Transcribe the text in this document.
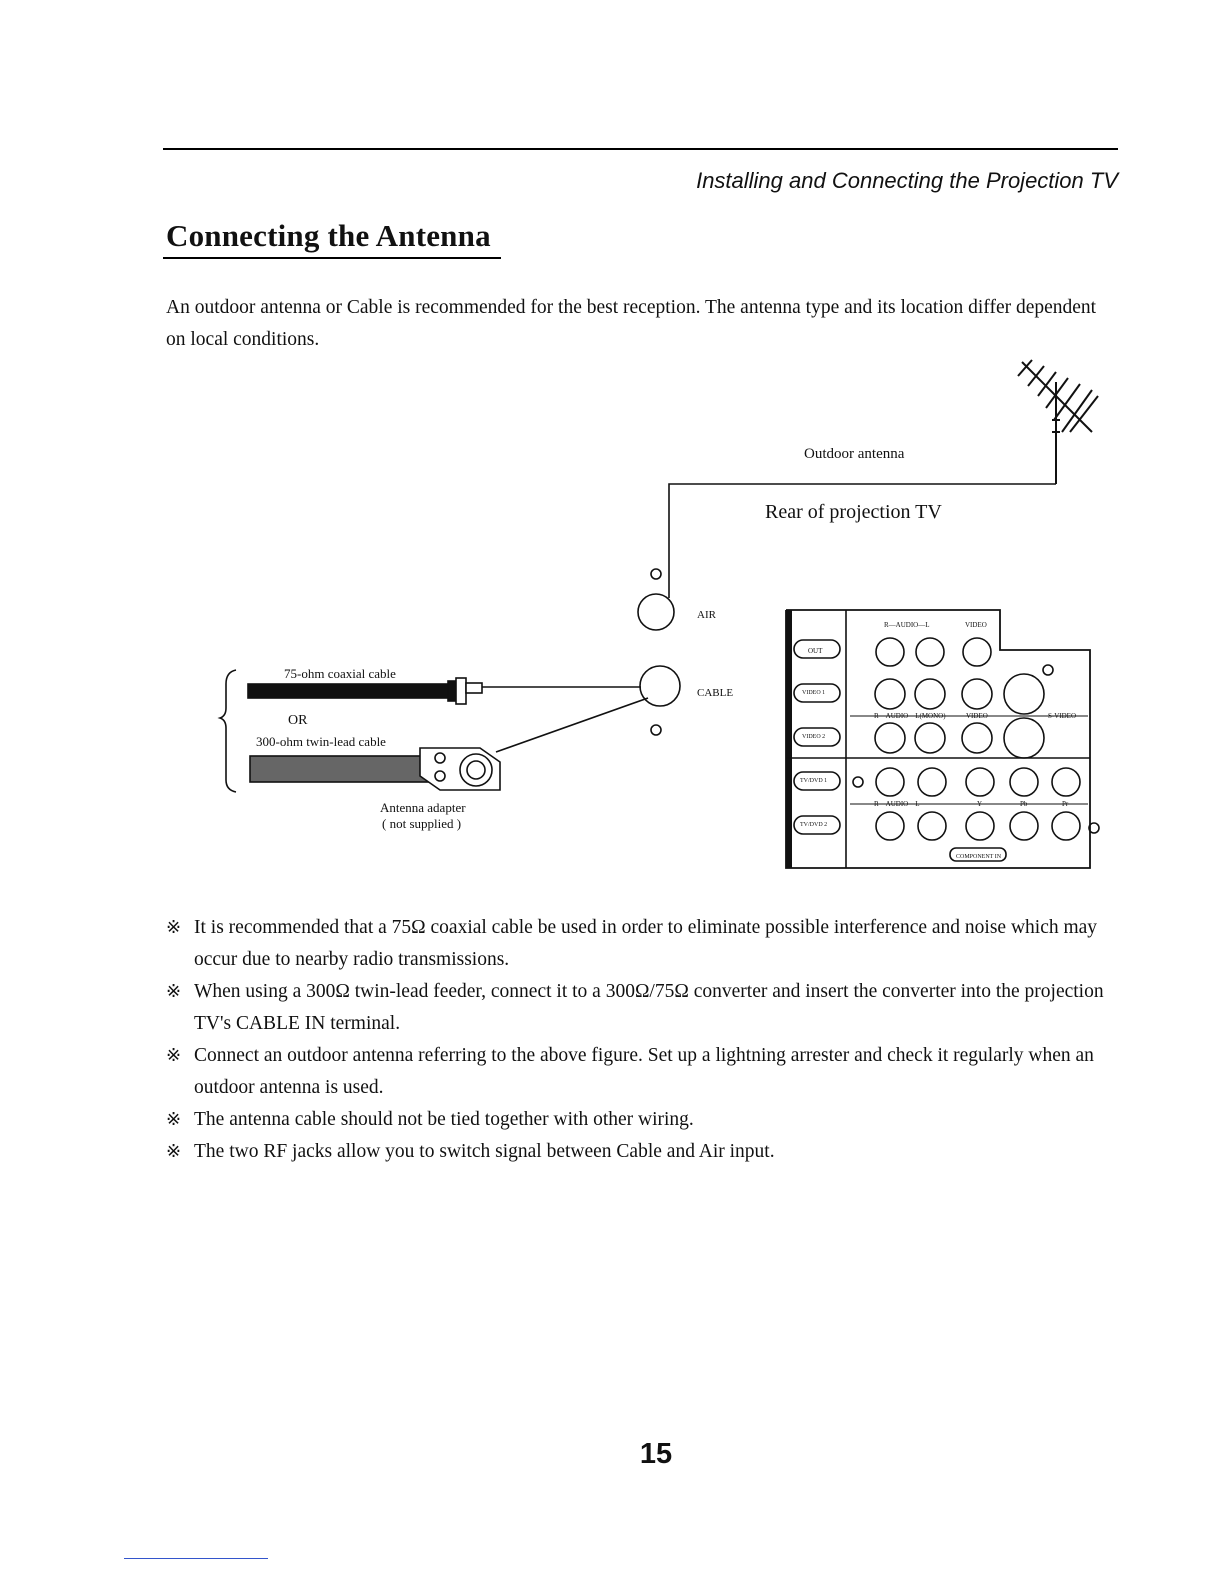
Installing and Connecting the Projection TV
Connecting the Antenna

An outdoor antenna or Cable is recommended for the best reception. The antenna type and its location differ dependent on local conditions.

Outdoor antenna
Rear of projection TV
AIR
CABLE
75-ohm coaxial cable
OR
300-ohm twin-lead cable
Antenna adapter
( not supplied )
R—AUDIO—L	VIDEO
OUT
VIDEO 1
R—AUDIO—L(MONO)	VIDEO	S-VIDEO
VIDEO 2
TV/DVD 1
R—AUDIO—L	Y	Pb	Pr
TV/DVD 2
COMPONENT IN
※ It is recommended that a 75Ω coaxial cable be used in order to eliminate possible interference and noise which may occur due to nearby radio transmissions.
※ When using a 300Ω twin-lead feeder, connect it to a 300Ω/75Ω converter and insert the converter into the projection TV's CABLE IN terminal.
※ Connect an outdoor antenna referring to the above figure. Set up a lightning arrester and check it regularly when an outdoor antenna is used.
※ The antenna cable should not be tied together with other wiring.
※ The two RF jacks allow you to switch signal between Cable and Air input.
15
